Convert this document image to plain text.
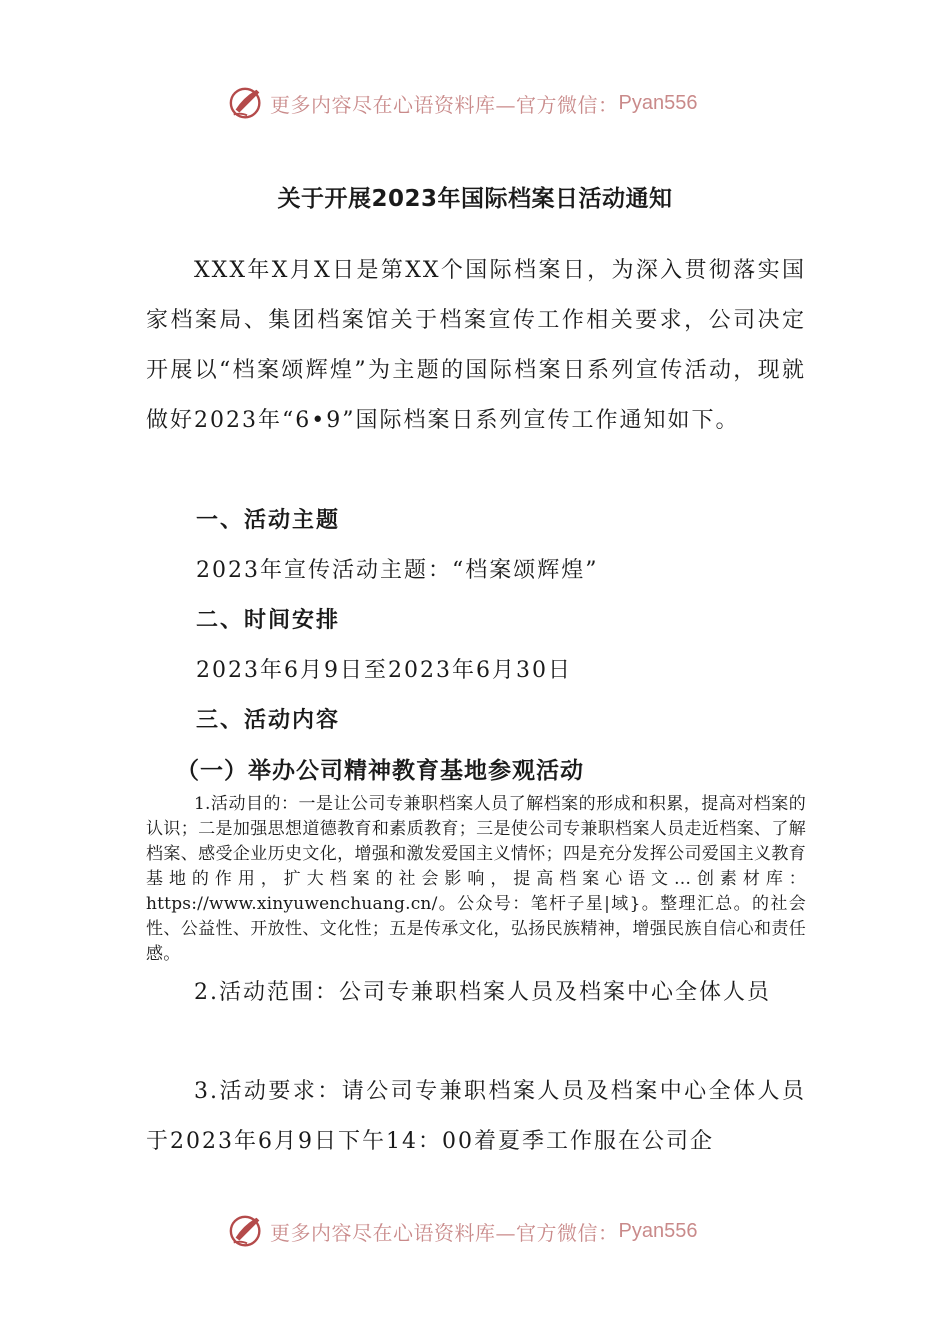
更多内容尽在心语资料库—官方微信： Pyan556
关于开展2023年国际档案日活动通知
XXX年X月X日是第XX个国际档案日，为深入贯彻落实国家档案局、集团档案馆关于档案宣传工作相关要求，公司决定开展以“档案颂辉煌”为主题的国际档案日系列宣传活动，现就做好2023年“6•9”国际档案日系列宣传工作通知如下。
一、活动主题
2023年宣传活动主题：“档案颂辉煌”
二、时间安排
2023年6月9日至2023年6月30日
三、活动内容
（一）举办公司精神教育基地参观活动
1.活动目的：一是让公司专兼职档案人员了解档案的形成和积累，提高对档案的认识；二是加强思想道德教育和素质教育；三是使公司专兼职档案人员走近档案、了解档案、感受企业历史文化，增强和激发爱国主义情怀；四是充分发挥公司爱国主义教育基地的作用，扩大档案的社会影响，提高档案心语文…创素材库：https://www.xinyuwenchuang.cn/。公众号：笔杆子星|域}。整理汇总。的社会性、公益性、开放性、文化性；五是传承文化，弘扬民族精神，增强民族自信心和责任感。
2.活动范围：公司专兼职档案人员及档案中心全体人员
3.活动要求：请公司专兼职档案人员及档案中心全体人员于2023年6月9日下午14：00着夏季工作服在公司企
更多内容尽在心语资料库—官方微信： Pyan556
